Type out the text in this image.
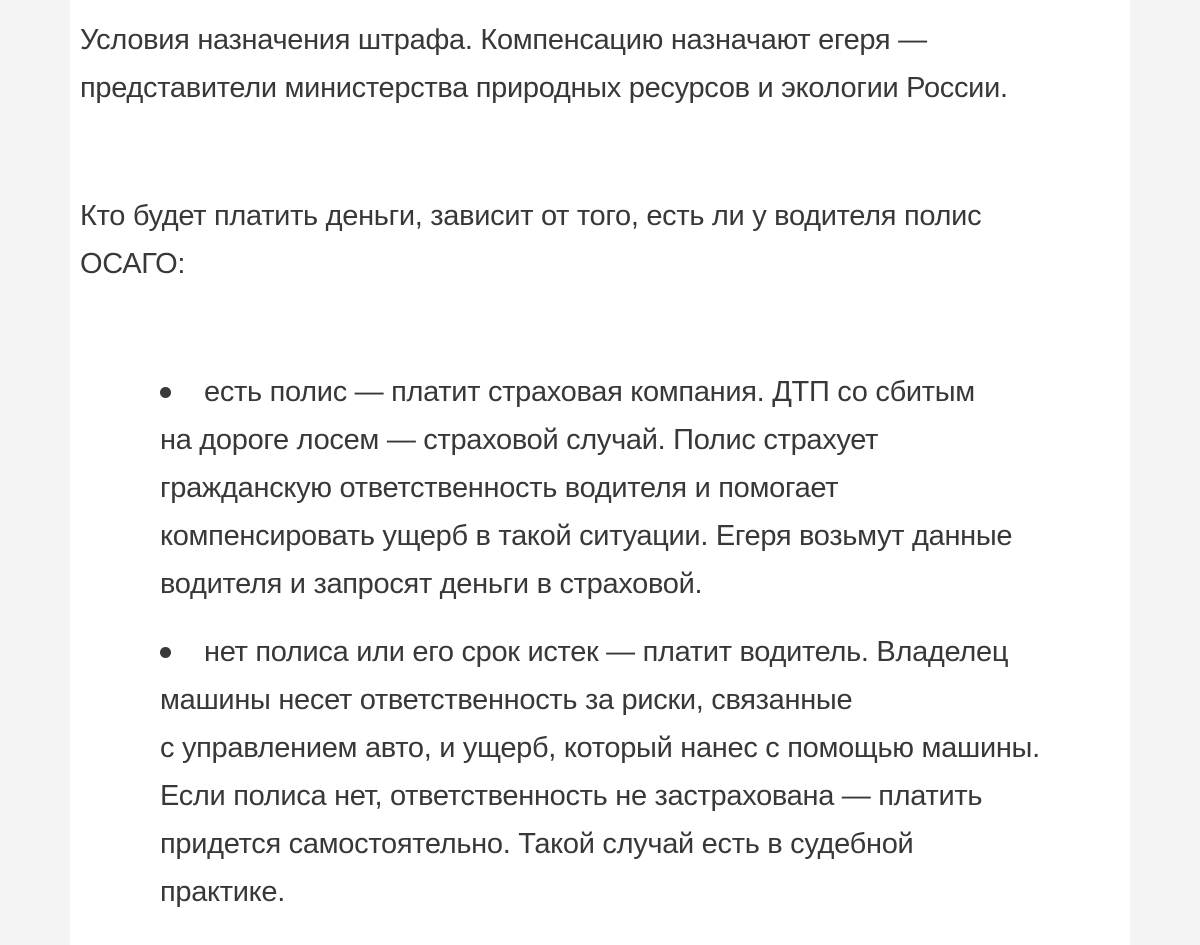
Условия назначения штрафа. Компенсацию назначают егеря —
представители министерства природных ресурсов и экологии России.

Кто будет платить деньги, зависит от того, есть ли у водителя полис
ОСАГО:

есть полис — платит страховая компания. ДТП со сбитым
на дороге лосем — страховой случай. Полис страхует
гражданскую ответственность водителя и помогает
компенсировать ущерб в такой ситуации. Егеря возьмут данные
водителя и запросят деньги в страховой.
нет полиса или его срок истек — платит водитель. Владелец
машины несет ответственность за риски, связанные
с управлением авто, и ущерб, который нанес с помощью машины.
Если полиса нет, ответственность не застрахована — платить
придется самостоятельно. Такой случай есть в судебной
практике.
